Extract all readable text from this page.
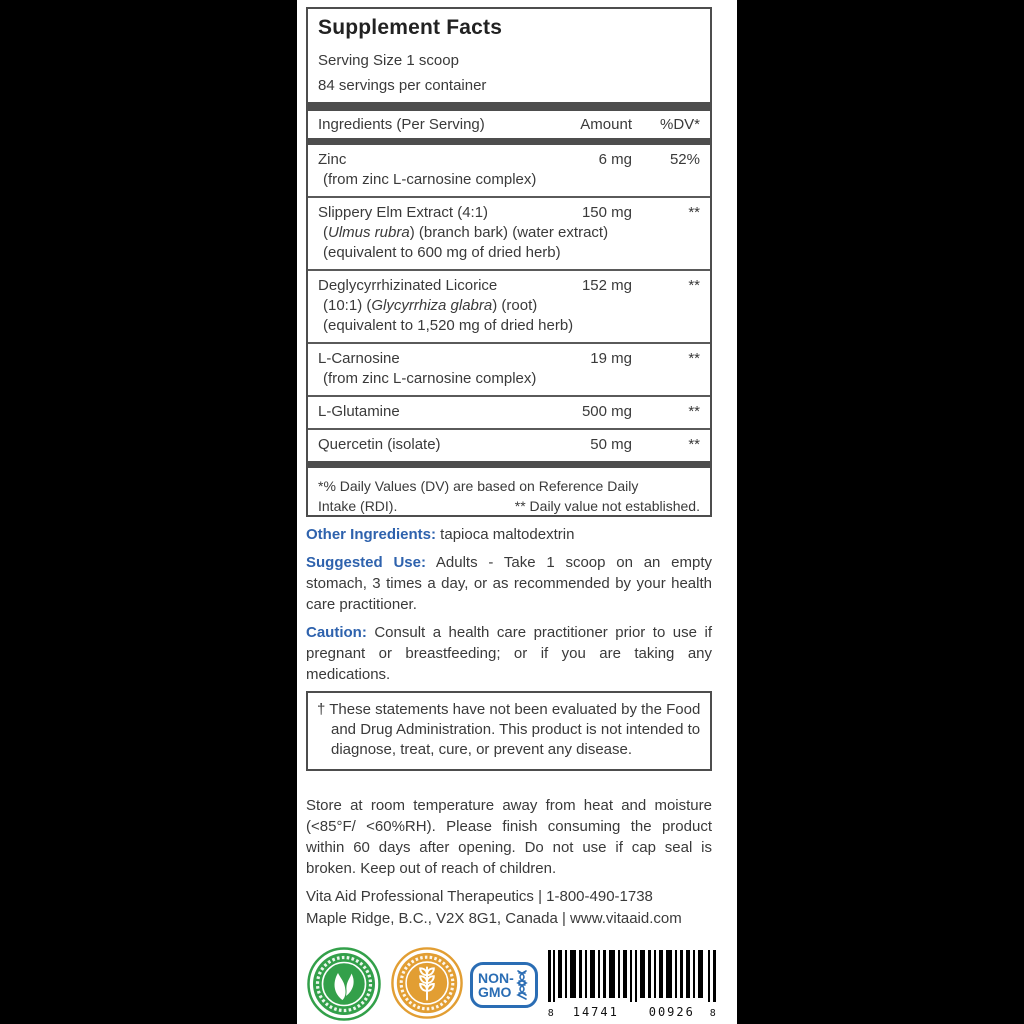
Supplement Facts
Serving Size 1 scoop
84 servings per container
Ingredients (Per Serving)	Amount	%DV*
Zinc	6 mg	52%
(from zinc L-carnosine complex)
Slippery Elm Extract (4:1)	150 mg	**
(Ulmus rubra) (branch bark) (water extract)
(equivalent to 600 mg of dried herb)
Deglycyrrhizinated Licorice	152 mg	**
(10:1) (Glycyrrhiza glabra) (root)
(equivalent to 1,520 mg of dried herb)
L-Carnosine	19 mg	**
(from zinc L-carnosine complex)
L-Glutamine	500 mg	**
Quercetin (isolate)	50 mg	**
*% Daily Values (DV) are based on Reference Daily
Intake (RDI).	** Daily value not established.
Other Ingredients: tapioca maltodextrin
Suggested Use: Adults - Take 1 scoop on an empty stomach, 3 times a day, or as recommended by your health care practitioner.
Caution: Consult a health care practitioner prior to use if pregnant or breastfeeding; or if you are taking any medications.
† These statements have not been evaluated by the Food and Drug Administration. This product is not intended to diagnose, treat, cure, or prevent any disease.
Store at room temperature away from heat and moisture (<85°F/ <60%RH). Please finish consuming the product within 60 days after opening. Do not use if cap seal is broken. Keep out of reach of children.
Vita Aid Professional Therapeutics | 1-800-490-1738
Maple Ridge, B.C., V2X 8G1, Canada | www.vitaaid.com
NON-
GMO
8	14741	00926	8
